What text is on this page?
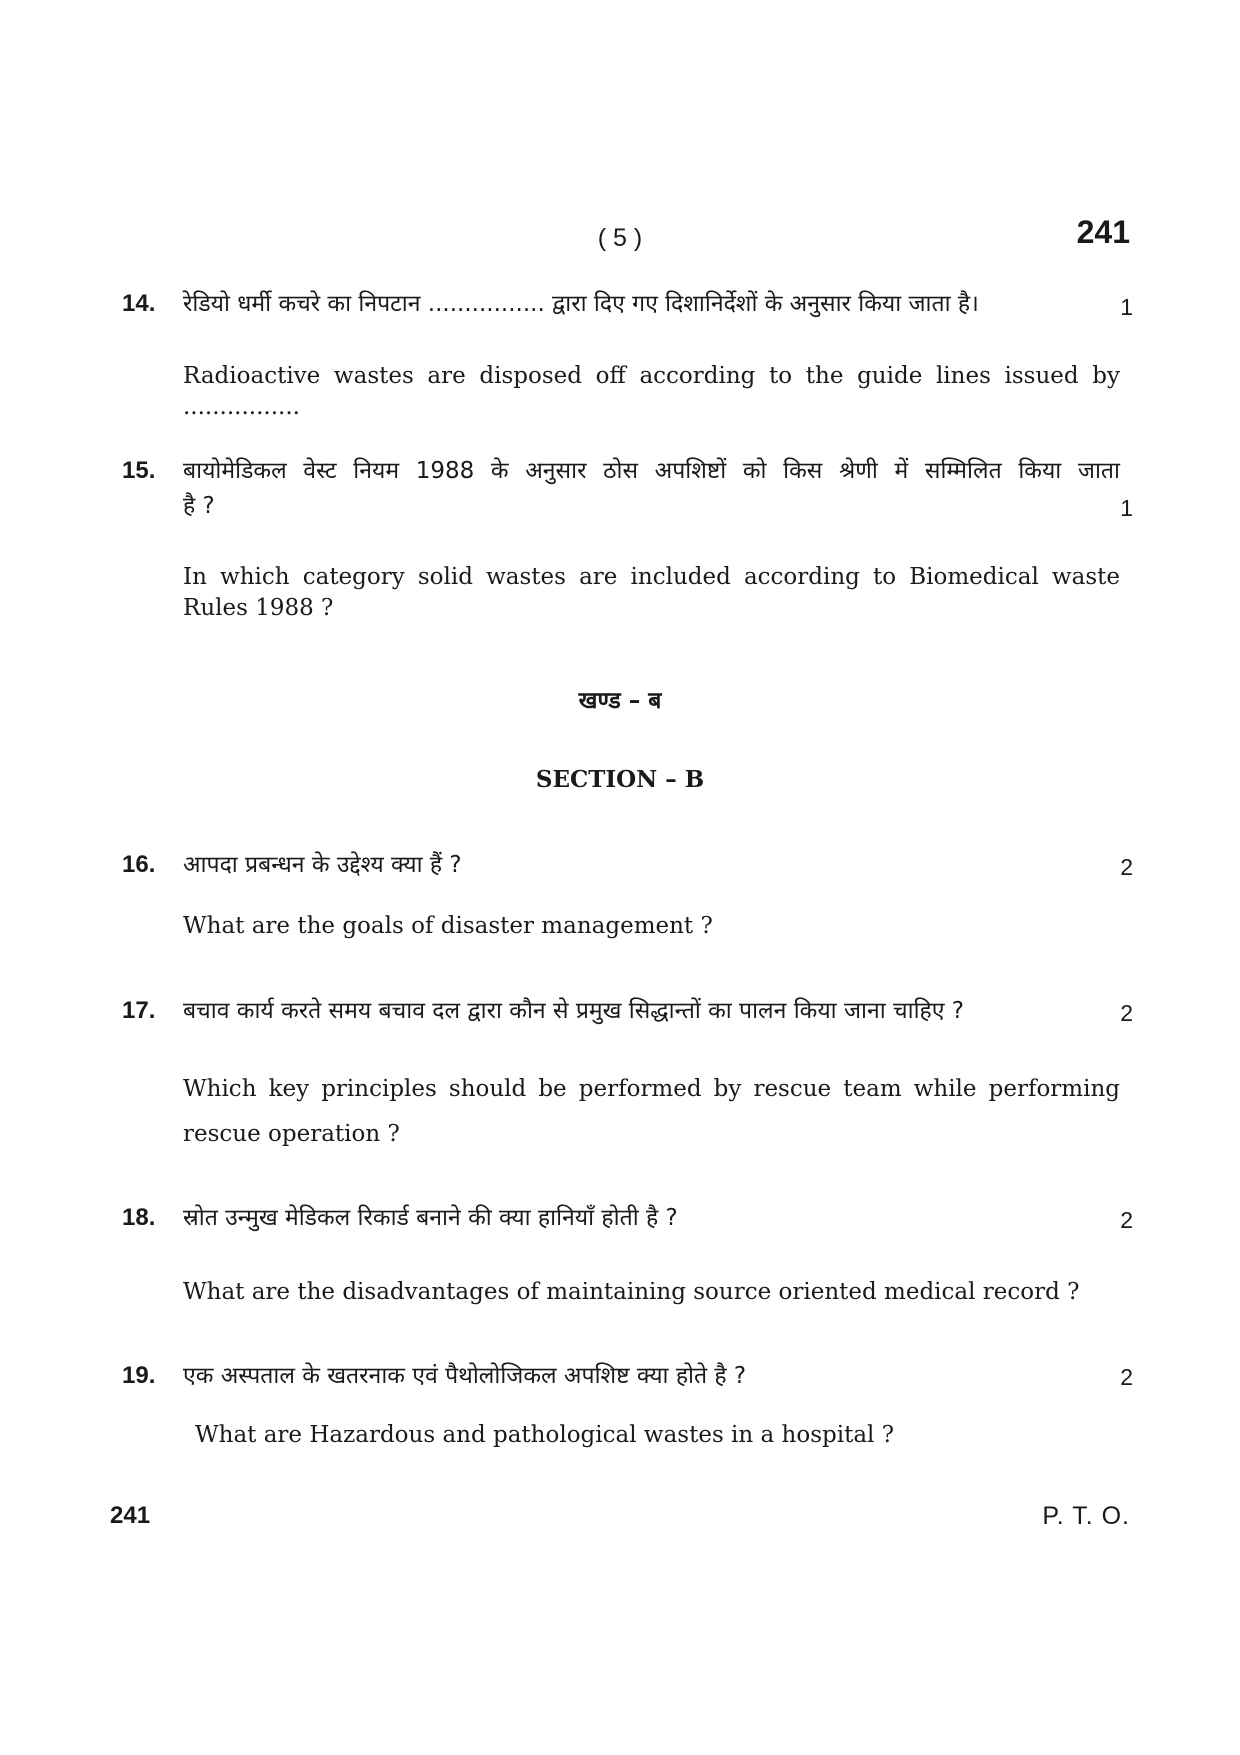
( 5 )	241
14.	रेडियो धर्मी कचरे का निपटान ................ द्वारा दिए गए दिशानिर्देशों के अनुसार किया जाता है।	1
Radioactive wastes are disposed off according to the guide lines issued by ................
15.	बायोमेडिकल वेस्ट नियम 1988 के अनुसार ठोस अपशिष्टों को किस श्रेणी में सम्मिलित किया जाता
है ?	1
In which category solid wastes are included according to Biomedical waste Rules 1988 ?
खण्ड – ब
SECTION – B
16.	आपदा प्रबन्धन के उद्देश्य क्या हैं ?	2
What are the goals of disaster management ?
17.	बचाव कार्य करते समय बचाव दल द्वारा कौन से प्रमुख सिद्धान्तों का पालन किया जाना चाहिए ?	2
Which key principles should be performed by rescue team while performing
rescue operation ?
18.	स्रोत उन्मुख मेडिकल रिकार्ड बनाने की क्या हानियाँ होती है ?	2
What are the disadvantages of maintaining source oriented medical record ?
19.	एक अस्पताल के खतरनाक एवं पैथोलोजिकल अपशिष्ट क्या होते है ?	2
What are Hazardous and pathological wastes in a hospital ?
241	P. T. O.
